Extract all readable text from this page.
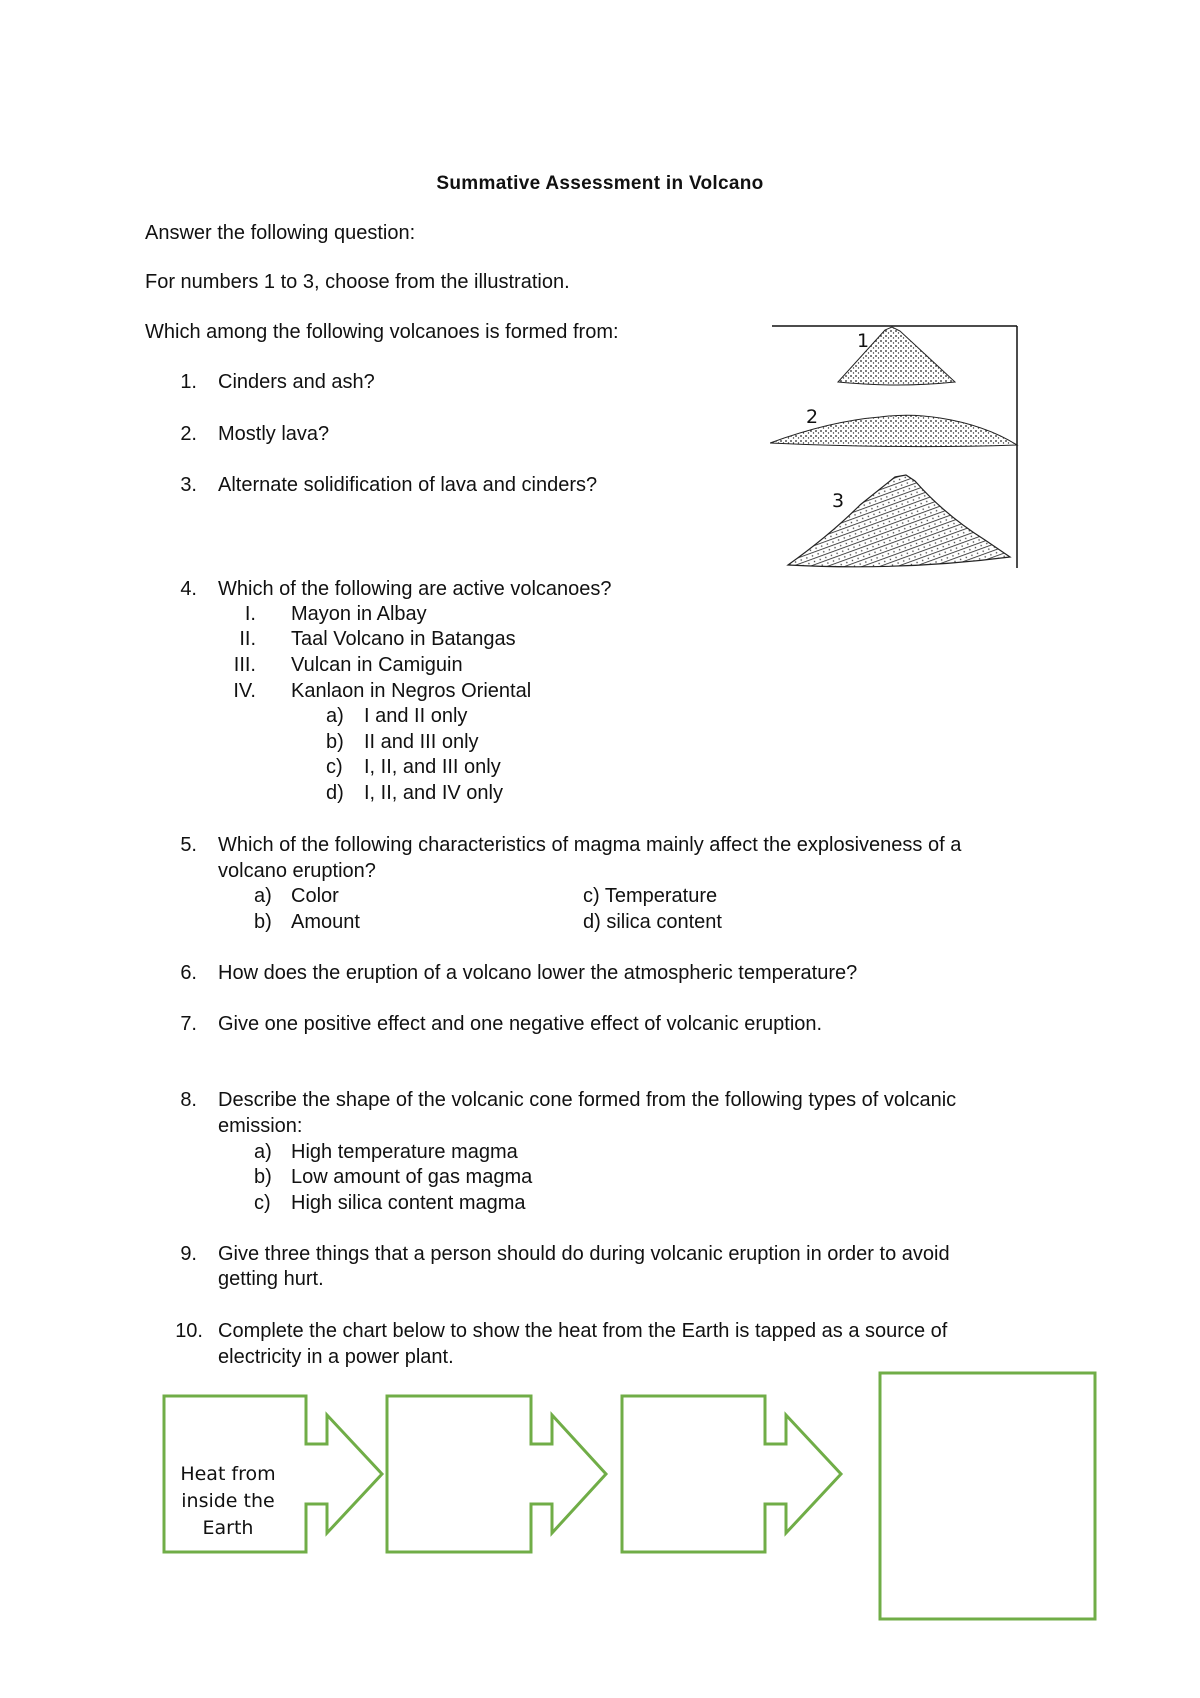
Summative Assessment in Volcano
Answer the following question:
For numbers 1 to 3, choose from the illustration.
Which among the following volcanoes is formed from:
1. Cinders and ash?
2. Mostly lava?
3. Alternate solidification of lava and cinders?
1
2
3
4. Which of the following are active volcanoes?
I. Mayon in Albay
II. Taal Volcano in Batangas
III. Vulcan in Camiguin
IV. Kanlaon in Negros Oriental
a) I and II only
b) II and III only
c) I, II, and III only
d) I, II, and IV only
5. Which of the following characteristics of magma mainly affect the explosiveness of a
volcano eruption?
a) Color
b) Amount
c) Temperature
d) silica content
6. How does the eruption of a volcano lower the atmospheric temperature?
7. Give one positive effect and one negative effect of volcanic eruption.
8. Describe the shape of the volcanic cone formed from the following types of volcanic
emission:
a) High temperature magma
b) Low amount of gas magma
c) High silica content magma
9. Give three things that a person should do during volcanic eruption in order to avoid
getting hurt.
10. Complete the chart below to show the heat from the Earth is tapped as a source of
electricity in a power plant.
Heat from
inside the
Earth
